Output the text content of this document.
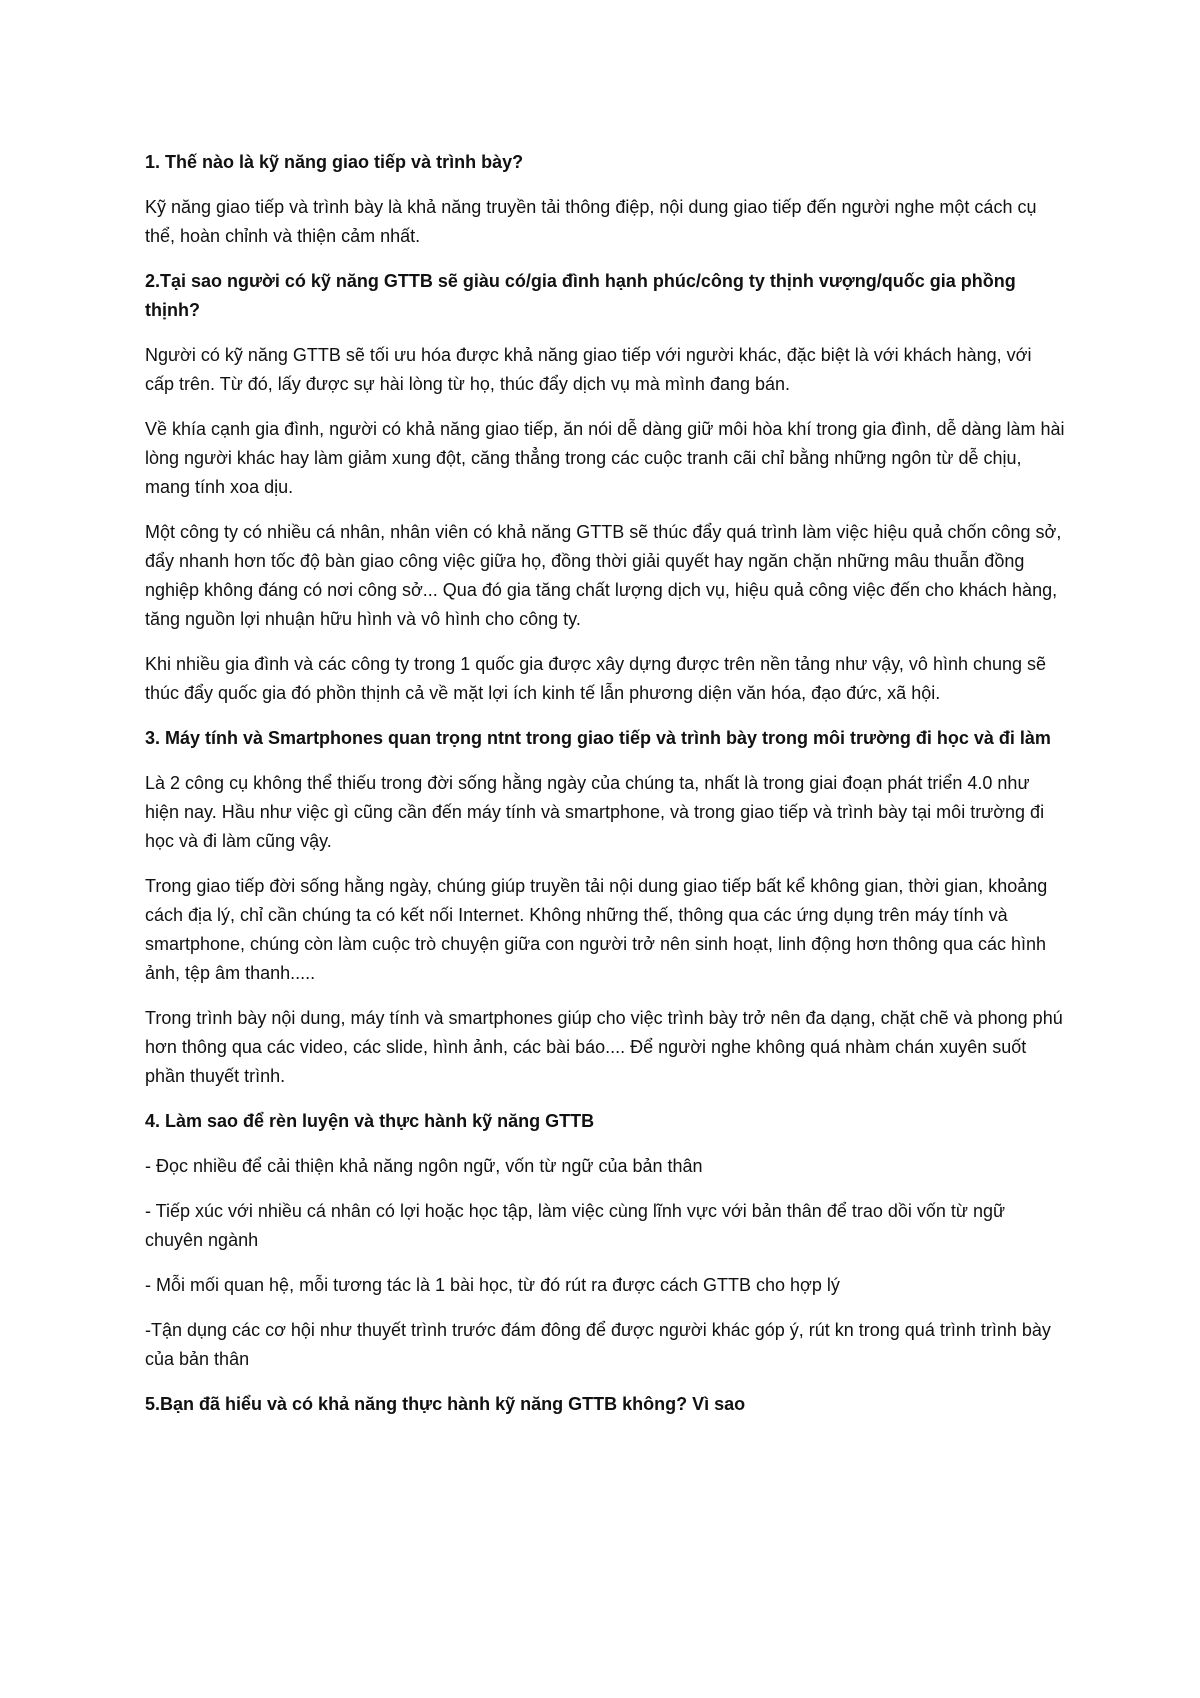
1. Thế nào là kỹ năng giao tiếp và trình bày?
Kỹ năng giao tiếp và trình bày là khả năng truyền tải thông điệp, nội dung giao tiếp đến người nghe một cách cụ thể, hoàn chỉnh và thiện cảm nhất.
2.Tại sao người có kỹ năng GTTB sẽ giàu có/gia đình hạnh phúc/công ty thịnh vượng/quốc gia phồng thịnh?
Người có kỹ năng GTTB sẽ tối ưu hóa được khả năng giao tiếp với người khác, đặc biệt là với khách hàng, với cấp trên. Từ đó, lấy được sự hài lòng từ họ, thúc đẩy dịch vụ mà mình đang bán.
Về khía cạnh gia đình, người có khả năng giao tiếp, ăn nói dễ dàng giữ môi hòa khí trong gia đình, dễ dàng làm hài lòng người khác hay làm giảm xung đột, căng thẳng trong các cuộc tranh cãi chỉ bằng những ngôn từ dễ chịu, mang tính xoa dịu.
Một công ty có nhiều cá nhân, nhân viên có khả năng GTTB sẽ thúc đẩy quá trình làm việc hiệu quả chốn công sở, đẩy nhanh hơn tốc độ bàn giao công việc giữa họ, đồng thời giải quyết hay ngăn chặn những mâu thuẫn đồng nghiệp không đáng có nơi công sở... Qua đó gia tăng chất lượng dịch vụ, hiệu quả công việc đến cho khách hàng, tăng nguồn lợi nhuận hữu hình và vô hình cho công ty.
Khi nhiều gia đình và các công ty trong 1 quốc gia được xây dựng được trên nền tảng như vậy, vô hình chung sẽ thúc đẩy quốc gia đó phồn thịnh cả về mặt lợi ích kinh tế lẫn phương diện văn hóa, đạo đức, xã hội.
3. Máy tính và Smartphones quan trọng ntnt trong giao tiếp và trình bày trong môi trường đi học và đi làm
Là 2 công cụ không thể thiếu trong đời sống hằng ngày của chúng ta, nhất là trong giai đoạn phát triển 4.0 như hiện nay. Hầu như việc gì cũng cần đến máy tính và smartphone, và trong giao tiếp và trình bày tại môi trường đi học và đi làm cũng vậy.
Trong giao tiếp đời sống hằng ngày, chúng giúp truyền tải nội dung giao tiếp bất kể không gian, thời gian, khoảng cách địa lý, chỉ cần chúng ta có kết nối Internet. Không những thế, thông qua các ứng dụng trên máy tính và smartphone, chúng còn làm cuộc trò chuyện giữa con người trở nên sinh hoạt, linh động hơn thông qua các hình ảnh, tệp âm thanh.....
Trong trình bày nội dung, máy tính và smartphones giúp cho việc trình bày trở nên đa dạng, chặt chẽ và phong phú hơn thông qua các video, các slide, hình ảnh, các bài báo.... Để người nghe không quá nhàm chán xuyên suốt phần thuyết trình.
4. Làm sao để rèn luyện và thực hành kỹ năng GTTB
- Đọc nhiều để cải thiện khả năng ngôn ngữ, vốn từ ngữ của bản thân
- Tiếp xúc với nhiều cá nhân có lợi hoặc học tập, làm việc cùng lĩnh vực với bản thân để trao dồi vốn từ ngữ chuyên ngành
- Mỗi mối quan hệ, mỗi tương tác là 1 bài học, từ đó rút ra được cách GTTB cho hợp lý
-Tận dụng các cơ hội như thuyết trình trước đám đông để được người khác góp ý, rút kn trong quá trình trình bày của bản thân
5.Bạn đã hiểu và có khả năng thực hành kỹ năng GTTB không? Vì sao
